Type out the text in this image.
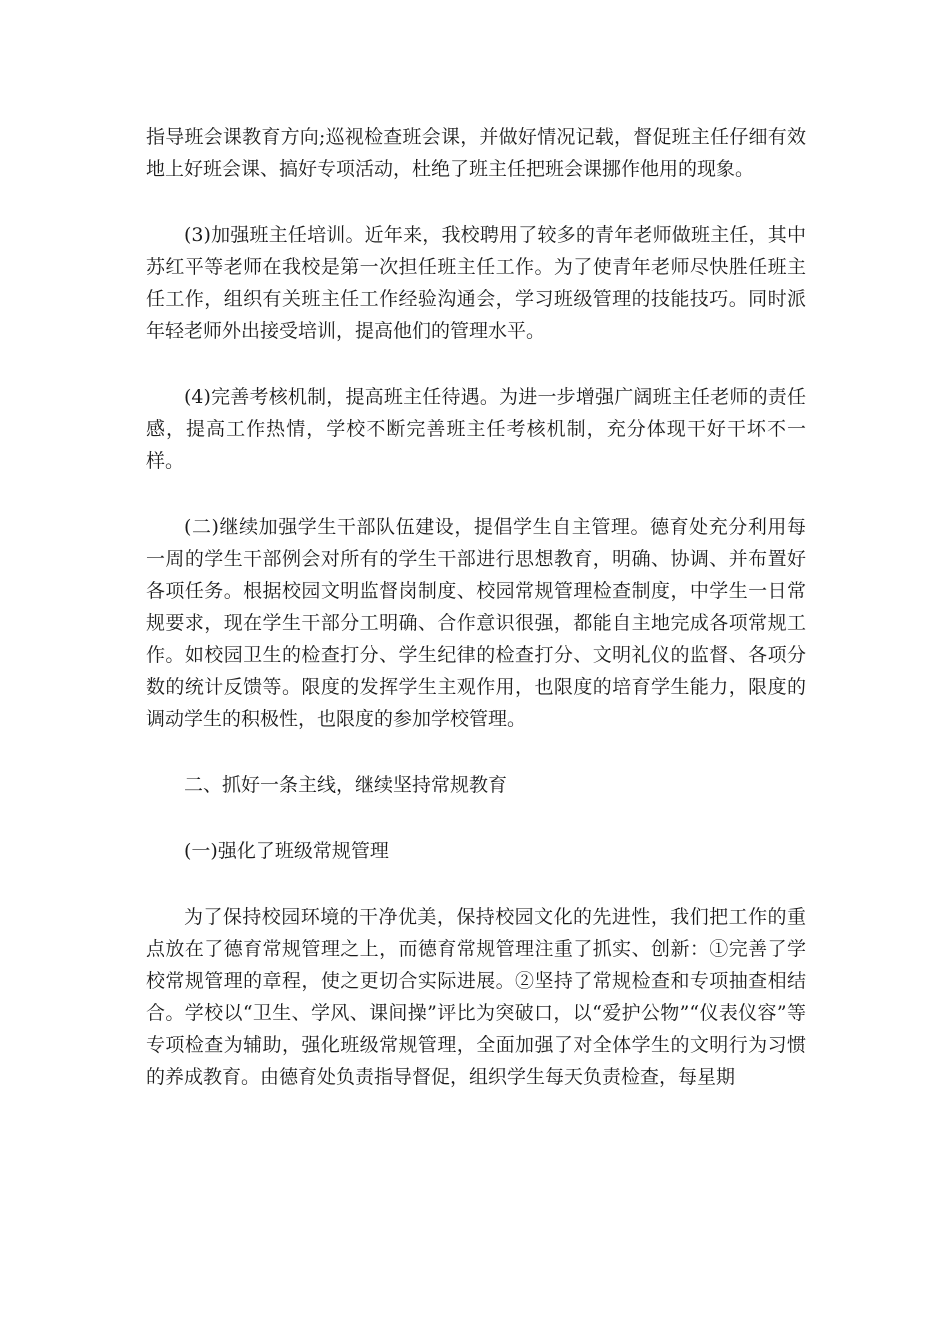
指导班会课教育方向;巡视检查班会课，并做好情况记载，督促班主任仔细有效地上好班会课、搞好专项活动，杜绝了班主任把班会课挪作他用的现象。

(3)加强班主任培训。近年来，我校聘用了较多的青年老师做班主任，其中苏红平等老师在我校是第一次担任班主任工作。为了使青年老师尽快胜任班主任工作，组织有关班主任工作经验沟通会，学习班级管理的技能技巧。同时派年轻老师外出接受培训，提高他们的管理水平。

(4)完善考核机制，提高班主任待遇。为进一步增强广阔班主任老师的责任感，提高工作热情，学校不断完善班主任考核机制，充分体现干好干坏不一样。

(二)继续加强学生干部队伍建设，提倡学生自主管理。德育处充分利用每一周的学生干部例会对所有的学生干部进行思想教育，明确、协调、并布置好各项任务。根据校园文明监督岗制度、校园常规管理检查制度，中学生一日常规要求，现在学生干部分工明确、合作意识很强，都能自主地完成各项常规工作。如校园卫生的检查打分、学生纪律的检查打分、文明礼仪的监督、各项分数的统计反馈等。限度的发挥学生主观作用，也限度的培育学生能力，限度的调动学生的积极性，也限度的参加学校管理。

二、抓好一条主线，继续坚持常规教育

(一)强化了班级常规管理

为了保持校园环境的干净优美，保持校园文化的先进性，我们把工作的重点放在了德育常规管理之上，而德育常规管理注重了抓实、创新：①完善了学校常规管理的章程，使之更切合实际进展。②坚持了常规检查和专项抽查相结合。学校以“卫生、学风、课间操”评比为突破口，以“爱护公物”“仪表仪容”等专项检查为辅助，强化班级常规管理，全面加强了对全体学生的文明行为习惯的养成教育。由德育处负责指导督促，组织学生每天负责检查，每星期
